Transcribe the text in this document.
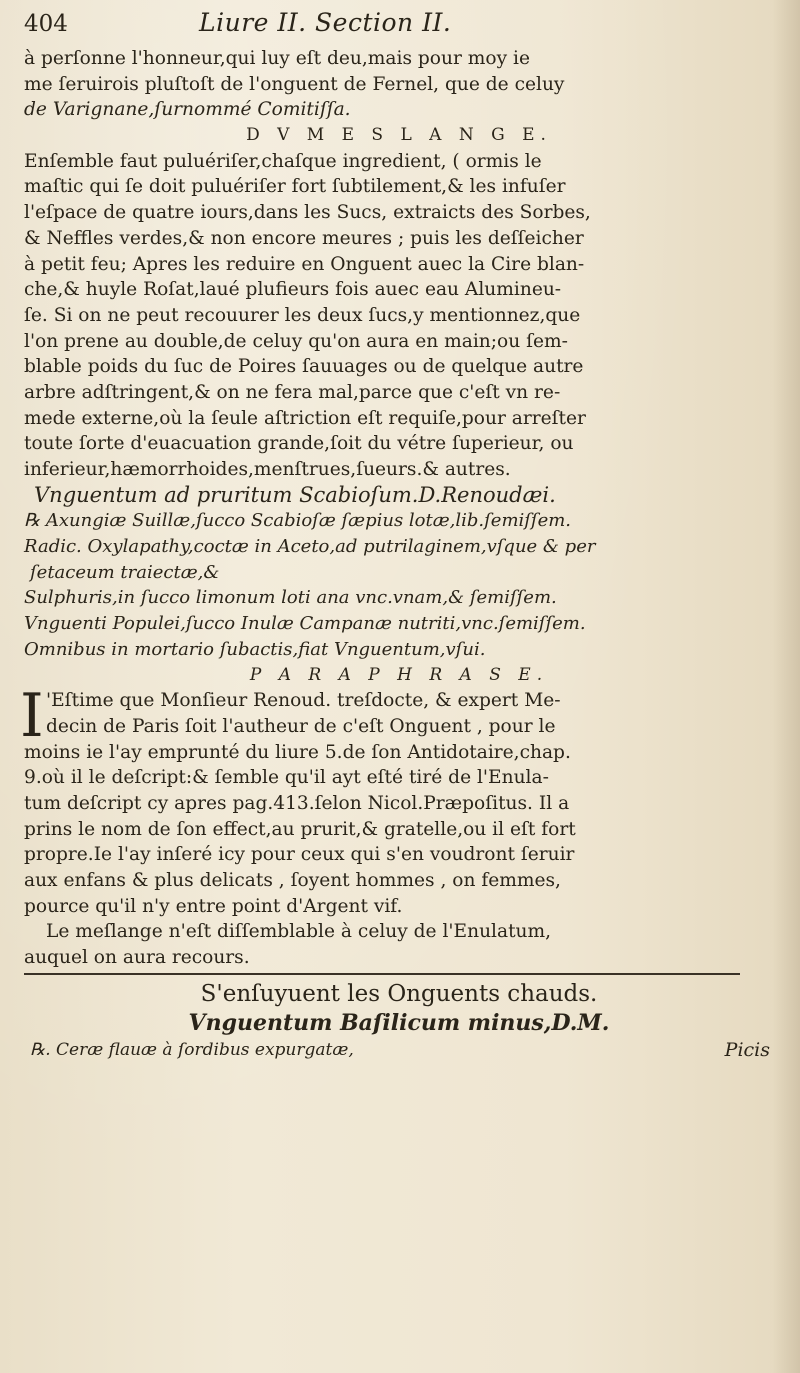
404	Liure II. Section II.
à perſonne l'honneur,qui luy eſt deu,mais pour moy ie
me ſeruirois pluſtoſt de l'onguent de Fernel, que de celuy
de Varignane,ſurnommé Comitiſſa.
D V M E S L A N G E.
Enſemble faut puluériſer,chaſque ingredient, ( ormis le
maſtic qui ſe doit puluériſer fort ſubtilement,& les infuſer
l'eſpace de quatre iours,dans les Sucs, extraicts des Sorbes,
& Neffles verdes,& non encore meures ; puis les deſſeicher
à petit feu; Apres les reduire en Onguent auec la Cire blan-
che,& huyle Roſat,laué plufieurs fois auec eau Alumineu-
ſe. Si on ne peut recouurer les deux ſucs,y mentionnez,que
l'on prene au double,de celuy qu'on aura en main;ou ſem-
blable poids du ſuc de Poires ſauuages ou de quelque autre
arbre adſtringent,& on ne fera mal,parce que c'eſt vn re-
mede externe,où la ſeule aſtriction eſt requiſe,pour arreſter
toute ſorte d'euacuation grande,ſoit du vétre ſuperieur, ou
inferieur,hæmorrhoides,menſtrues,ſueurs.& autres.
Vnguentum ad pruritum Scabioſum.D.Renoudæi.
℞ Axungiæ Suillæ,ſucco Scabioſæ ſæpius lotæ,lib.ſemiſſem.
Radic. Oxylapathy,coctæ in Aceto,ad putrilaginem,vſque & per
ſetaceum traiectæ,&
Sulphuris,in ſucco limonum loti ana vnc.vnam,& ſemiſſem.
Vnguenti Populei,ſucco Inulæ Campanæ nutriti,vnc.ſemiſſem.
Omnibus in mortario ſubactis,fiat Vnguentum,vſui.
P A R A P H R A S E.
I 'Eſtime que Monſieur Renoud. treſdocte, & expert Me-
decin de Paris ſoit l'autheur de c'eſt Onguent , pour le
moins ie l'ay emprunté du liure 5.de ſon Antidotaire,chap.
9.où il le deſcript:& ſemble qu'il ayt eſté tiré de l'Enula-
tum deſcript cy apres pag.413.ſelon Nicol.Præpoſitus. Il a
prins le nom de ſon effect,au prurit,& gratelle,ou il eſt fort
propre.Ie l'ay inſeré icy pour ceux qui s'en voudront ſeruir
aux enfans & plus delicats , ſoyent hommes , on femmes,
pource qu'il n'y entre point d'Argent vif.
Le meſlange n'eſt diſſemblable à celuy de l'Enulatum,
auquel on aura recours.
S'enſuyuent les Onguents chauds.
Vnguentum Baſilicum minus,D.M.
℞. Ceræ flauæ à ſordibus expurgatæ,	Picis
